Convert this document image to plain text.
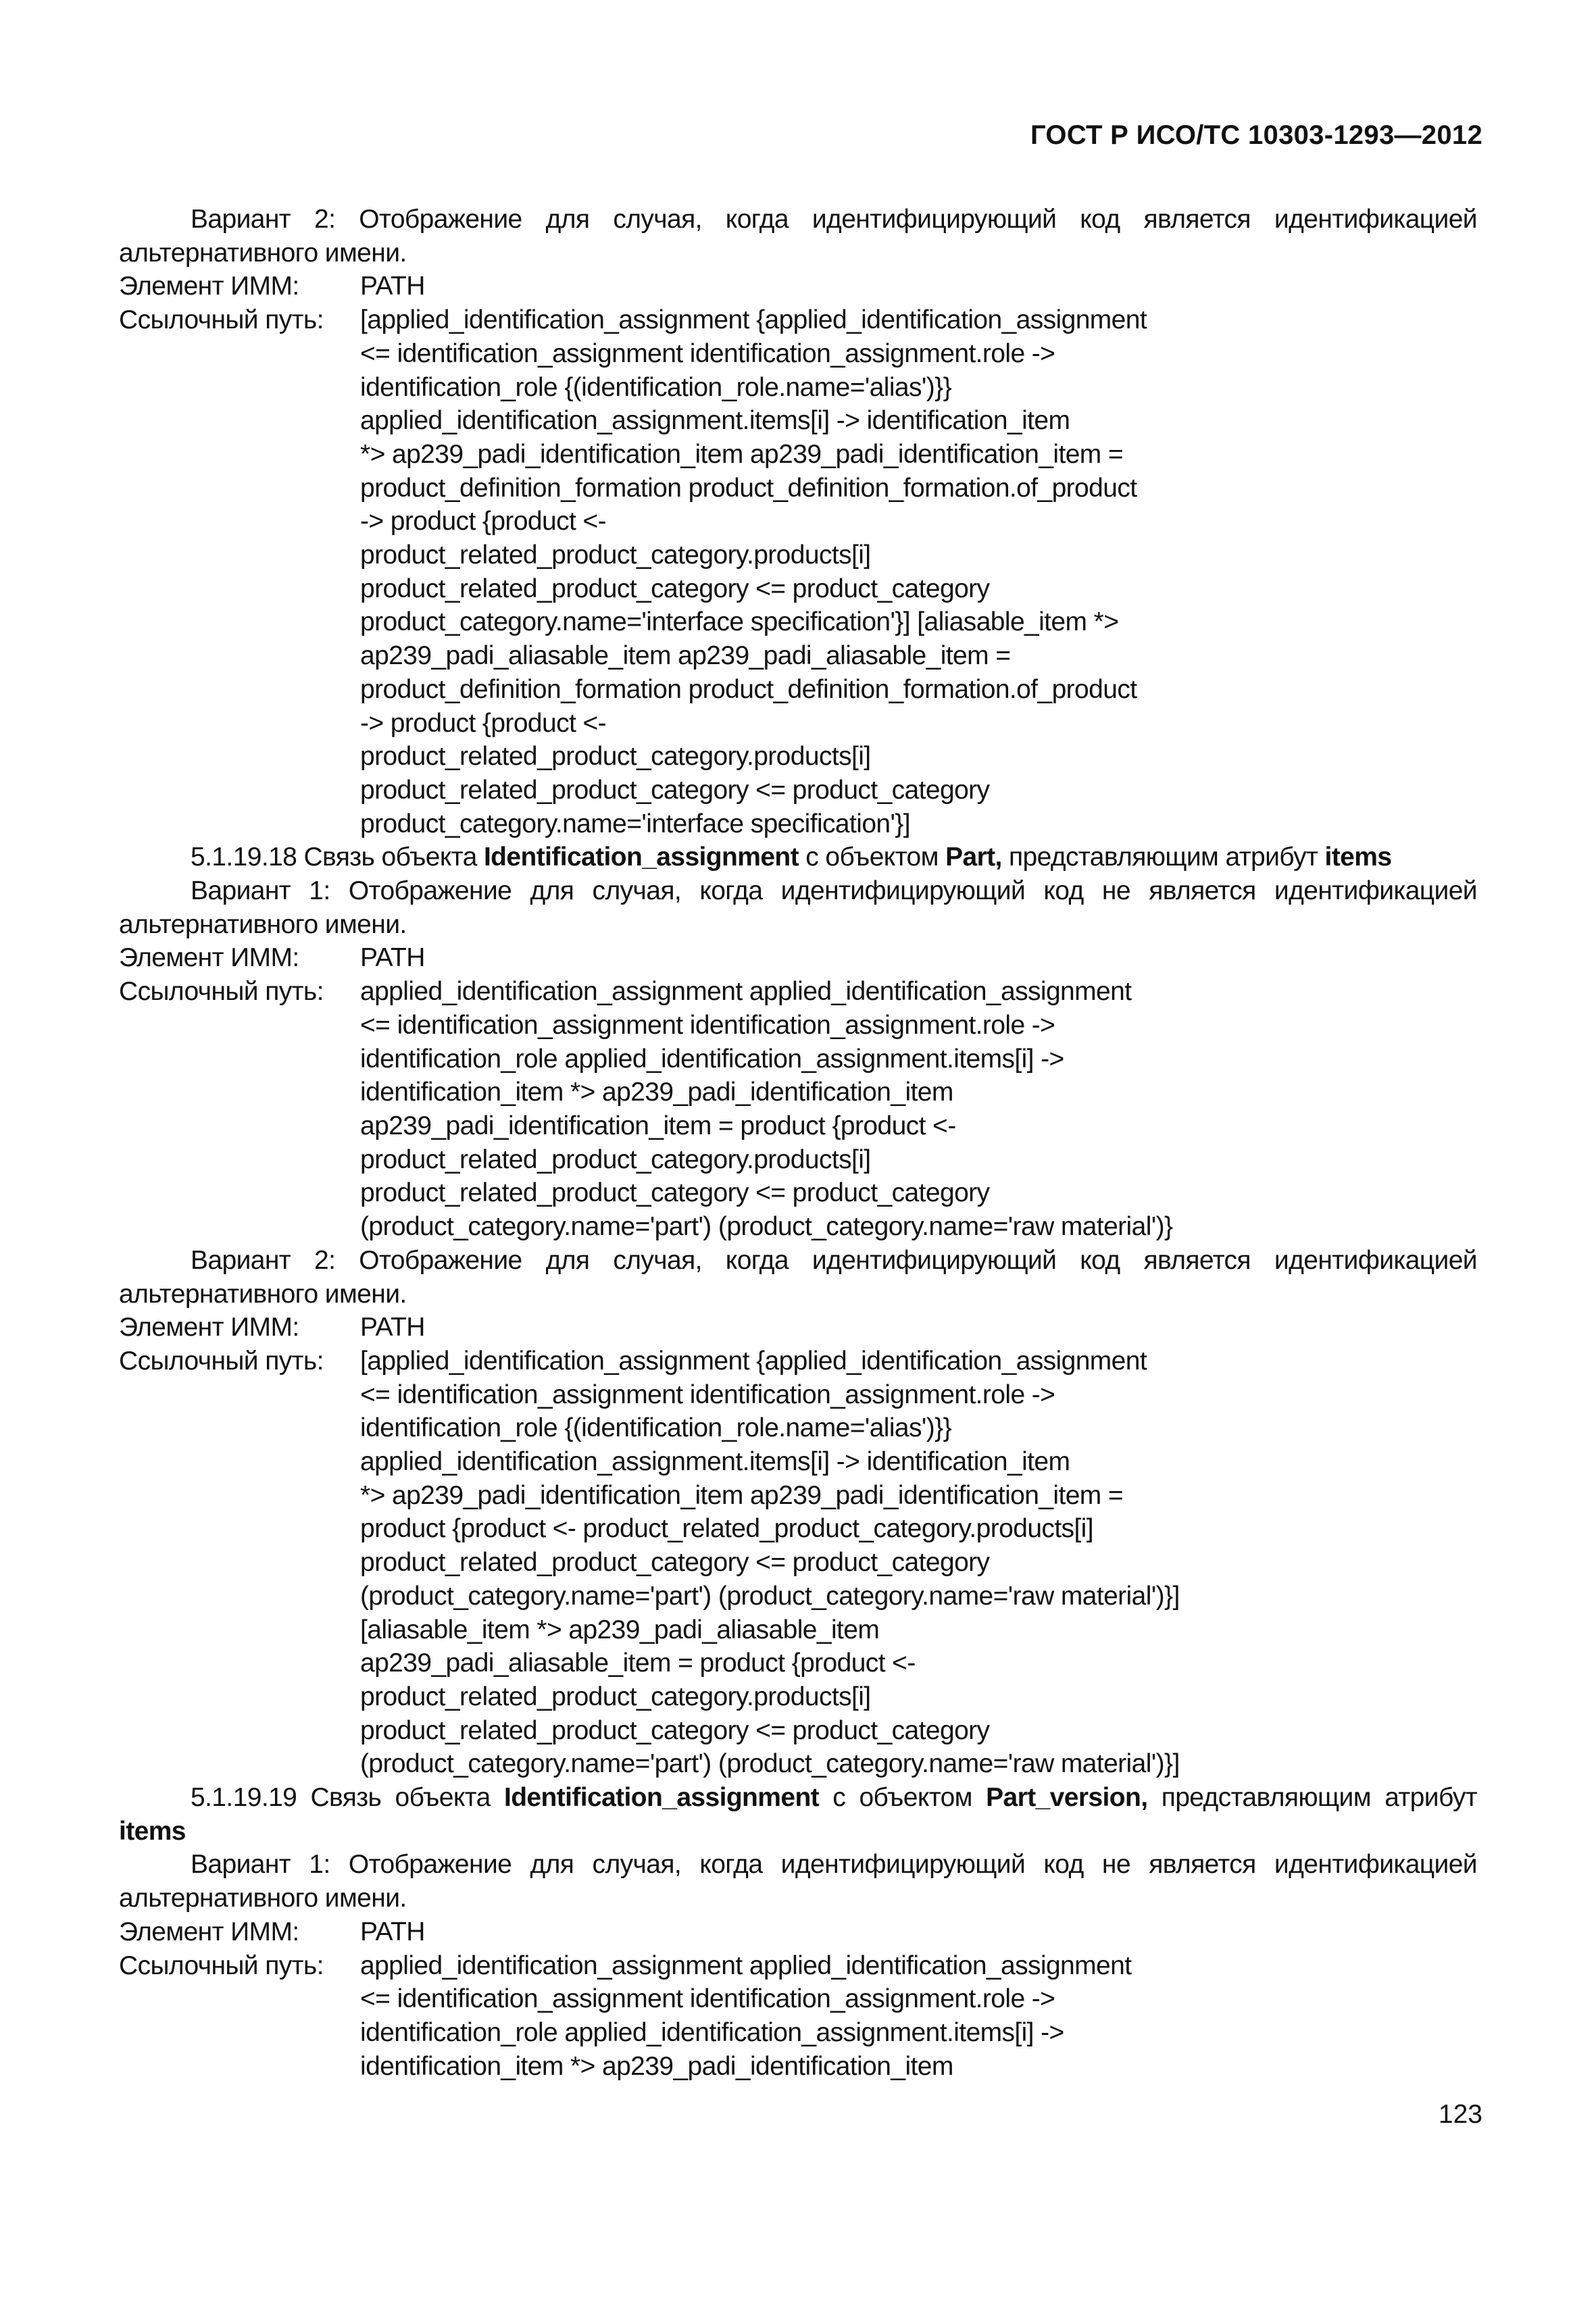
ГОСТ Р ИСО/ТС 10303-1293—2012
Вариант 2: Отображение для случая, когда идентифицирующий код является идентификацией альтернативного имени.
Элемент ИММ:	PATH
Ссылочный путь:	[applied_identification_assignment {applied_identification_assignment
<= identification_assignment identification_assignment.role ->
identification_role {(identification_role.name='alias')}}
applied_identification_assignment.items[i] -> identification_item
*> ap239_padi_identification_item ap239_padi_identification_item =
product_definition_formation product_definition_formation.of_product
-> product {product <-
product_related_product_category.products[i]
product_related_product_category <= product_category
product_category.name='interface specification'}] [aliasable_item *>
ap239_padi_aliasable_item ap239_padi_aliasable_item =
product_definition_formation product_definition_formation.of_product
-> product {product <-
product_related_product_category.products[i]
product_related_product_category <= product_category
product_category.name='interface specification'}]
5.1.19.18 Связь объекта Identification_assignment с объектом Part, представляющим атрибут items
Вариант 1: Отображение для случая, когда идентифицирующий код не является идентификацией альтернативного имени.
Элемент ИММ:	PATH
Ссылочный путь:	applied_identification_assignment applied_identification_assignment
<= identification_assignment identification_assignment.role ->
identification_role applied_identification_assignment.items[i] ->
identification_item *> ap239_padi_identification_item
ap239_padi_identification_item = product {product <-
product_related_product_category.products[i]
product_related_product_category <= product_category
(product_category.name='part') (product_category.name='raw material')}
Вариант 2: Отображение для случая, когда идентифицирующий код является идентификацией альтернативного имени.
Элемент ИММ:	PATH
Ссылочный путь:	[applied_identification_assignment {applied_identification_assignment
<= identification_assignment identification_assignment.role ->
identification_role {(identification_role.name='alias')}}
applied_identification_assignment.items[i] -> identification_item
*> ap239_padi_identification_item ap239_padi_identification_item =
product {product <- product_related_product_category.products[i]
product_related_product_category <= product_category
(product_category.name='part') (product_category.name='raw material')}]
[aliasable_item *> ap239_padi_aliasable_item
ap239_padi_aliasable_item = product {product <-
product_related_product_category.products[i]
product_related_product_category <= product_category
(product_category.name='part') (product_category.name='raw material')}]
5.1.19.19 Связь объекта Identification_assignment с объектом Part_version, представляющим атрибут items
Вариант 1: Отображение для случая, когда идентифицирующий код не является идентификацией альтернативного имени.
Элемент ИММ:	PATH
Ссылочный путь:	applied_identification_assignment applied_identification_assignment
<= identification_assignment identification_assignment.role ->
identification_role applied_identification_assignment.items[i] ->
identification_item *> ap239_padi_identification_item
123
